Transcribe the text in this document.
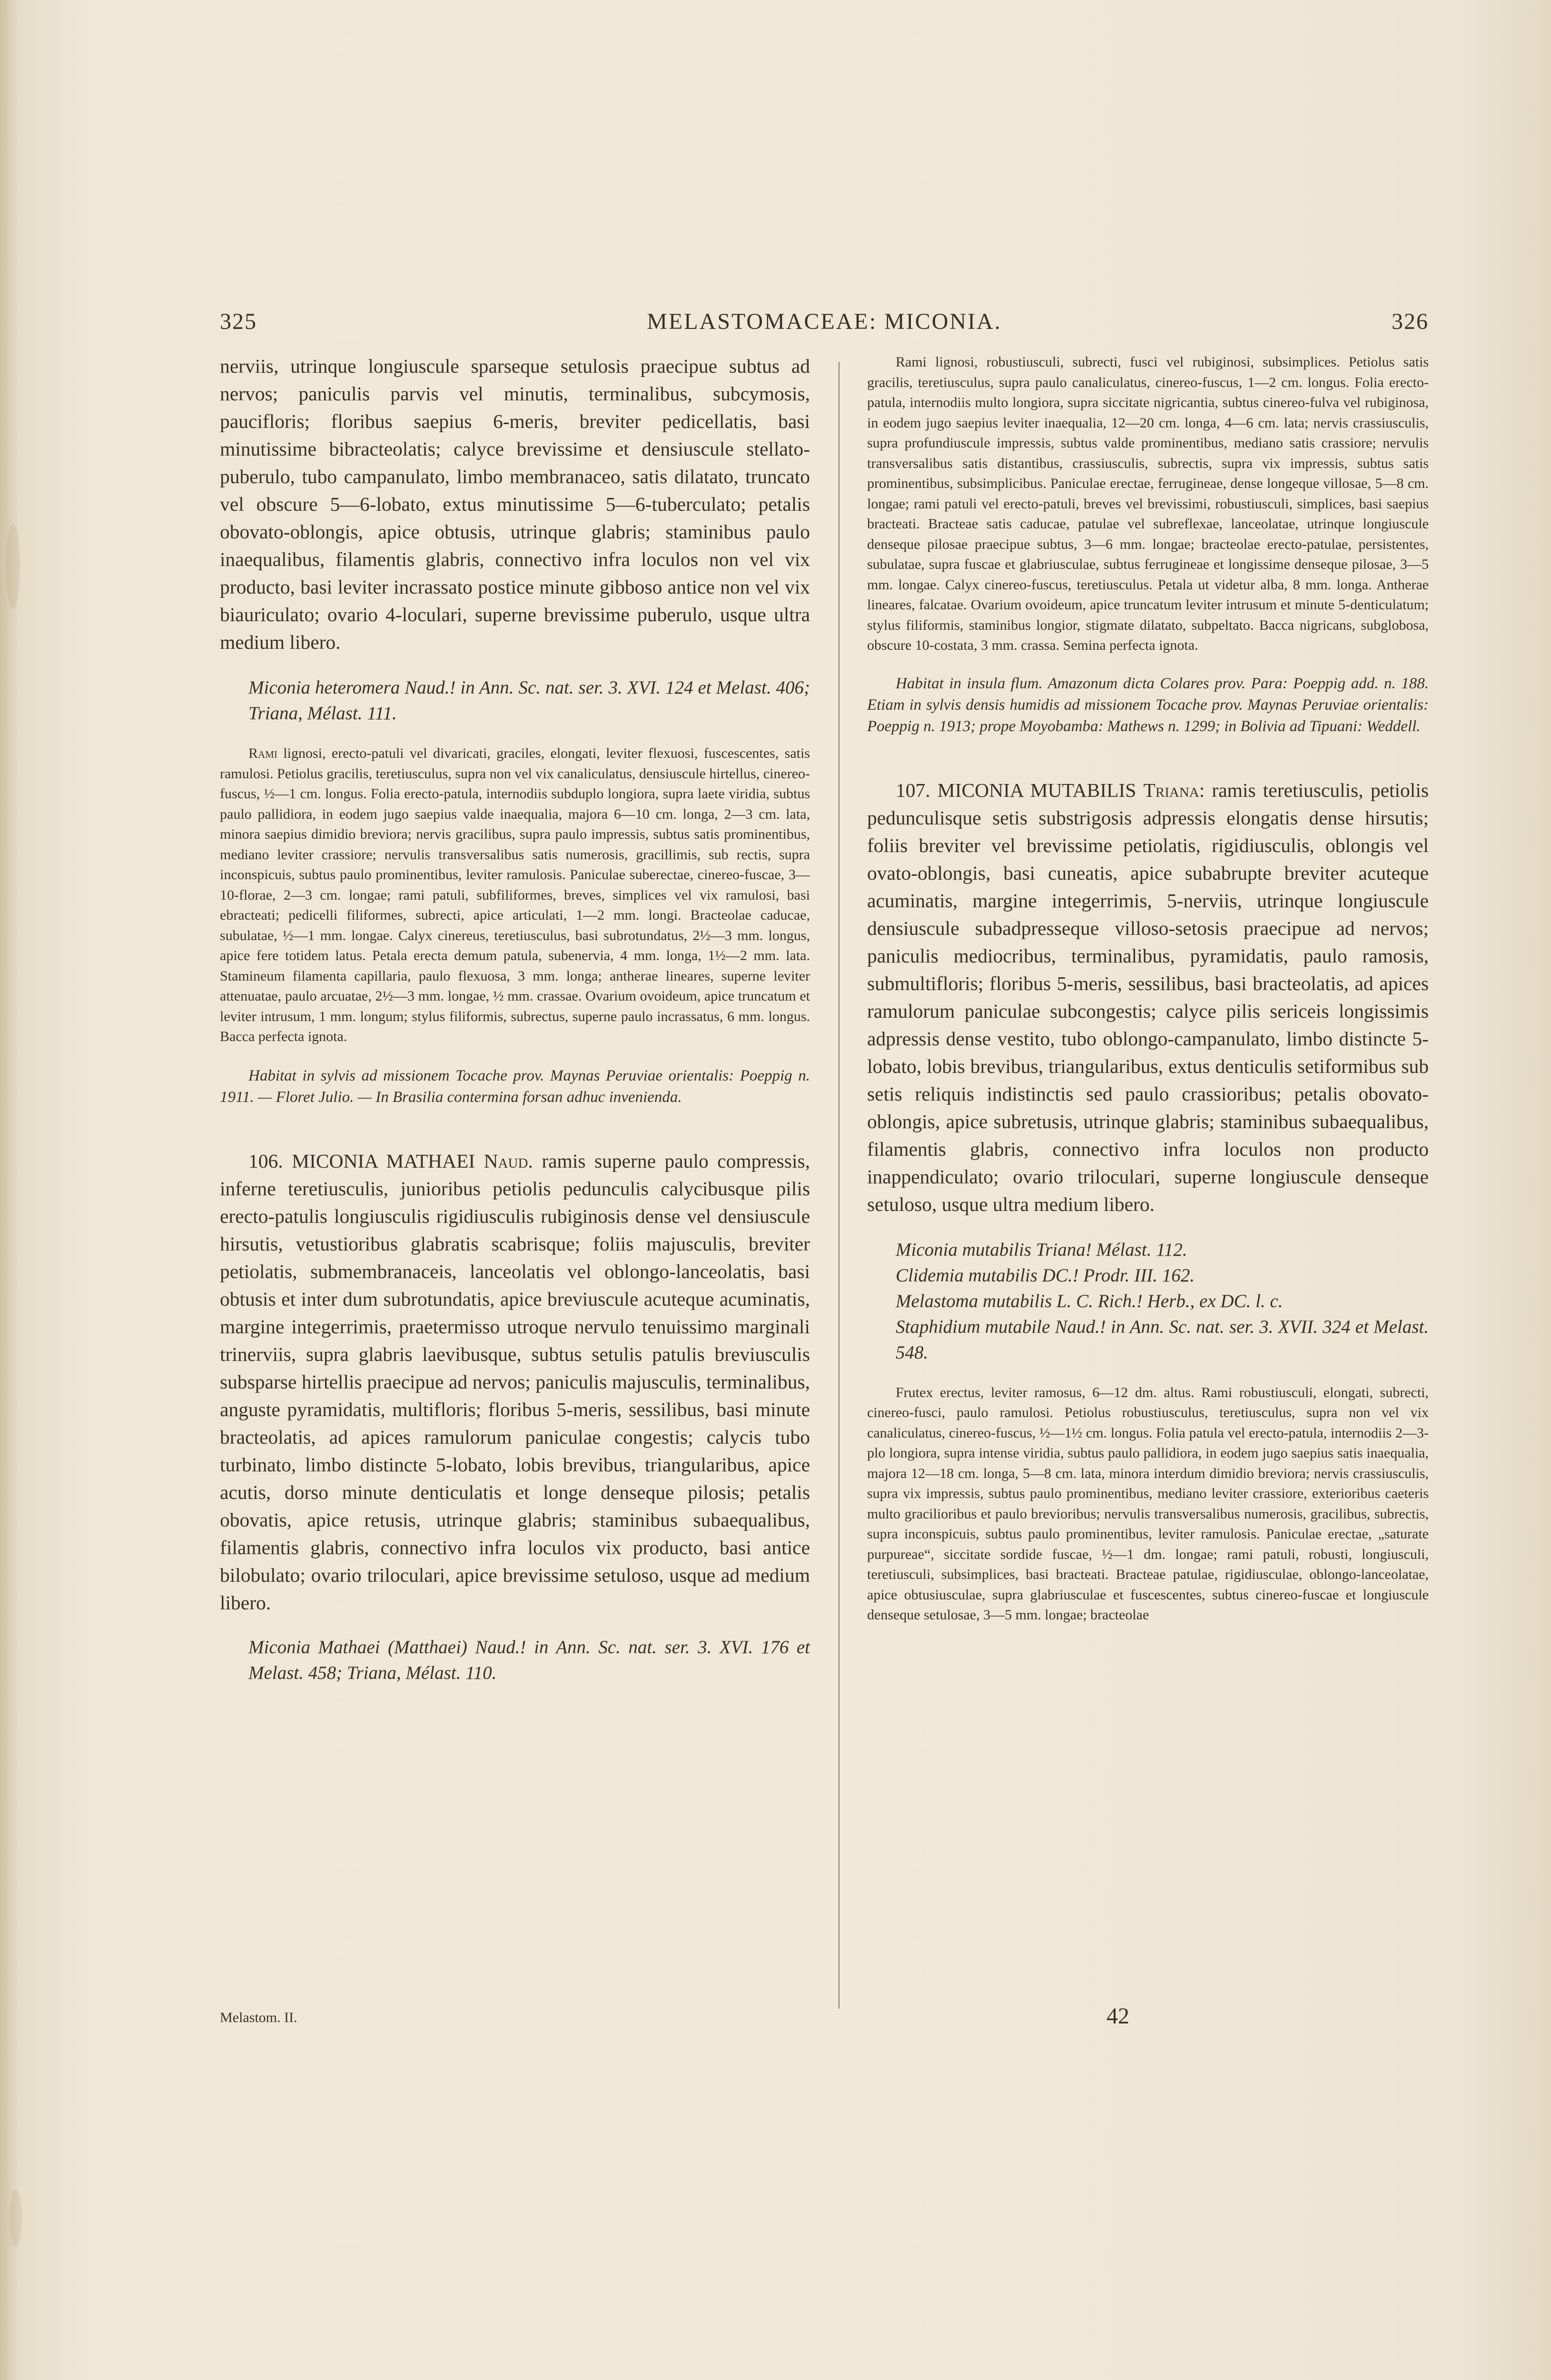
325	MELASTOMACEAE: MICONIA.	326

nerviis, utrinque longiuscule sparseque setulosis praecipue subtus ad nervos; paniculis parvis vel minutis, terminalibus, subcymosis, paucifloris; floribus saepius 6-meris, breviter pedicellatis, basi minutissime bibracteolatis; calyce brevissime et densiuscule stellato-puberulo, tubo campanulato, limbo membranaceo, satis dilatato, truncato vel obscure 5—6-lobato, extus minutissime 5—6-tuberculato; petalis obovato-oblongis, apice obtusis, utrinque glabris; staminibus paulo inaequalibus, filamentis glabris, connectivo infra loculos non vel vix producto, basi leviter incrassato postice minute gibboso antice non vel vix biauriculato; ovario 4-loculari, superne brevissime puberulo, usque ultra medium libero.

Miconia heteromera Naud.! in Ann. Sc. nat. ser. 3. XVI. 124 et Melast. 406; Triana, Mélast. 111.

Rami lignosi, erecto-patuli vel divaricati, graciles, elongati, leviter flexuosi, fuscescentes, satis ramulosi. Petiolus gracilis, teretiusculus, supra non vel vix canaliculatus, densiuscule hirtellus, cinereo-fuscus, ½—1 cm. longus. Folia erecto-patula, internodiis subduplo longiora, supra laete viridia, subtus paulo pallidiora, in eodem jugo saepius valde inaequalia, majora 6—10 cm. longa, 2—3 cm. lata, minora saepius dimidio breviora; nervis gracilibus, supra paulo impressis, subtus satis prominentibus, mediano leviter crassiore; nervulis transversalibus satis numerosis, gracillimis, sub rectis, supra inconspicuis, subtus paulo prominentibus, leviter ramulosis. Paniculae suberectae, cinereo-fuscae, 3—10-florae, 2—3 cm. longae; rami patuli, subfiliformes, breves, simplices vel vix ramulosi, basi ebracteati; pedicelli filiformes, subrecti, apice articulati, 1—2 mm. longi. Bracteolae caducae, subulatae, ½—1 mm. longae. Calyx cinereus, teretiusculus, basi subrotundatus, 2½—3 mm. longus, apice fere totidem latus. Petala erecta demum patula, subenervia, 4 mm. longa, 1½—2 mm. lata. Stamineum filamenta capillaria, paulo flexuosa, 3 mm. longa; antherae lineares, superne leviter attenuatae, paulo arcuatae, 2½—3 mm. longae, ½ mm. crassae. Ovarium ovoideum, apice truncatum et leviter intrusum, 1 mm. longum; stylus filiformis, subrectus, superne paulo incrassatus, 6 mm. longus. Bacca perfecta ignota.

Habitat in sylvis ad missionem Tocache prov. Maynas Peruviae orientalis: Poeppig n. 1911. — Floret Julio. — In Brasilia contermina forsan adhuc invenienda.

106. MICONIA MATHAEI Naud. ramis superne paulo compressis, inferne teretiusculis, junioribus petiolis pedunculis calycibusque pilis erecto-patulis longiusculis rigidiusculis rubiginosis dense vel densiuscule hirsutis, vetustioribus glabratis scabrisque; foliis majusculis, breviter petiolatis, submembranaceis, lanceolatis vel oblongo-lanceolatis, basi obtusis et inter dum subrotundatis, apice breviuscule acuteque acuminatis, margine integerrimis, praetermisso utroque nervulo tenuissimo marginali trinerviis, supra glabris laevibusque, subtus setulis patulis breviusculis subsparse hirtellis praecipue ad nervos; paniculis majusculis, terminalibus, anguste pyramidatis, multifloris; floribus 5-meris, sessilibus, basi minute bracteolatis, ad apices ramulorum paniculae congestis; calycis tubo turbinato, limbo distincte 5-lobato, lobis brevibus, triangularibus, apice acutis, dorso minute denticulatis et longe denseque pilosis; petalis obovatis, apice retusis, utrinque glabris; staminibus subaequalibus, filamentis glabris, connectivo infra loculos vix producto, basi antice bilobulato; ovario triloculari, apice brevissime setuloso, usque ad medium libero.

Miconia Mathaei (Matthaei) Naud.! in Ann. Sc. nat. ser. 3. XVI. 176 et Melast. 458; Triana, Mélast. 110.

Rami lignosi, robustiusculi, subrecti, fusci vel rubiginosi, subsimplices. Petiolus satis gracilis, teretiusculus, supra paulo canaliculatus, cinereo-fuscus, 1—2 cm. longus. Folia erecto-patula, internodiis multo longiora, supra siccitate nigricantia, subtus cinereo-fulva vel rubiginosa, in eodem jugo saepius leviter inaequalia, 12—20 cm. longa, 4—6 cm. lata; nervis crassiusculis, supra profundiuscule impressis, subtus valde prominentibus, mediano satis crassiore; nervulis transversalibus satis distantibus, crassiusculis, subrectis, supra vix impressis, subtus satis prominentibus, subsimplicibus. Paniculae erectae, ferrugineae, dense longeque villosae, 5—8 cm. longae; rami patuli vel erecto-patuli, breves vel brevissimi, robustiusculi, simplices, basi saepius bracteati. Bracteae satis caducae, patulae vel subreflexae, lanceolatae, utrinque longiuscule denseque pilosae praecipue subtus, 3—6 mm. longae; bracteolae erecto-patulae, persistentes, subulatae, supra fuscae et glabriusculae, subtus ferrugineae et longissime denseque pilosae, 3—5 mm. longae. Calyx cinereo-fuscus, teretiusculus. Petala ut videtur alba, 8 mm. longa. Antherae lineares, falcatae. Ovarium ovoideum, apice truncatum leviter intrusum et minute 5-denticulatum; stylus filiformis, staminibus longior, stigmate dilatato, subpeltato. Bacca nigricans, subglobosa, obscure 10-costata, 3 mm. crassa. Semina perfecta ignota.

Habitat in insula flum. Amazonum dicta Colares prov. Para: Poeppig add. n. 188. Etiam in sylvis densis humidis ad missionem Tocache prov. Maynas Peruviae orientalis: Poeppig n. 1913; prope Moyobamba: Mathews n. 1299; in Bolivia ad Tipuani: Weddell.

107. MICONIA MUTABILIS Triana: ramis teretiusculis, petiolis pedunculisque setis substrigosis adpressis elongatis dense hirsutis; foliis breviter vel brevissime petiolatis, rigidiusculis, oblongis vel ovato-oblongis, basi cuneatis, apice subabrupte breviter acuteque acuminatis, margine integerrimis, 5-nerviis, utrinque longiuscule densiuscule subadpresseque villoso-setosis praecipue ad nervos; paniculis mediocribus, terminalibus, pyramidatis, paulo ramosis, submultifloris; floribus 5-meris, sessilibus, basi bracteolatis, ad apices ramulorum paniculae subcongestis; calyce pilis sericeis longissimis adpressis dense vestito, tubo oblongo-campanulato, limbo distincte 5-lobato, lobis brevibus, triangularibus, extus denticulis setiformibus sub setis reliquis indistinctis sed paulo crassioribus; petalis obovato-oblongis, apice subretusis, utrinque glabris; staminibus subaequalibus, filamentis glabris, connectivo infra loculos non producto inappendiculato; ovario triloculari, superne longiuscule denseque setuloso, usque ultra medium libero.

Miconia mutabilis Triana! Mélast. 112.

Clidemia mutabilis DC.! Prodr. III. 162.

Melastoma mutabilis L. C. Rich.! Herb., ex DC. l. c.

Staphidium mutabile Naud.! in Ann. Sc. nat. ser. 3. XVII. 324 et Melast. 548.

Frutex erectus, leviter ramosus, 6—12 dm. altus. Rami robustiusculi, elongati, subrecti, cinereo-fusci, paulo ramulosi. Petiolus robustiusculus, teretiusculus, supra non vel vix canaliculatus, cinereo-fuscus, ½—1½ cm. longus. Folia patula vel erecto-patula, internodiis 2—3-plo longiora, supra intense viridia, subtus paulo pallidiora, in eodem jugo saepius satis inaequalia, majora 12—18 cm. longa, 5—8 cm. lata, minora interdum dimidio breviora; nervis crassiusculis, supra vix impressis, subtus paulo prominentibus, mediano leviter crassiore, exterioribus caeteris multo gracilioribus et paulo brevioribus; nervulis transversalibus numerosis, gracilibus, subrectis, supra inconspicuis, subtus paulo prominentibus, leviter ramulosis. Paniculae erectae, „saturate purpureae“, siccitate sordide fuscae, ½—1 dm. longae; rami patuli, robusti, longiusculi, teretiusculi, subsimplices, basi bracteati. Bracteae patulae, rigidiusculae, oblongo-lanceolatae, apice obtusiusculae, supra glabriusculae et fuscescentes, subtus cinereo-fuscae et longiuscule denseque setulosae, 3—5 mm. longae; bracteolae

Melastom. II.	42
